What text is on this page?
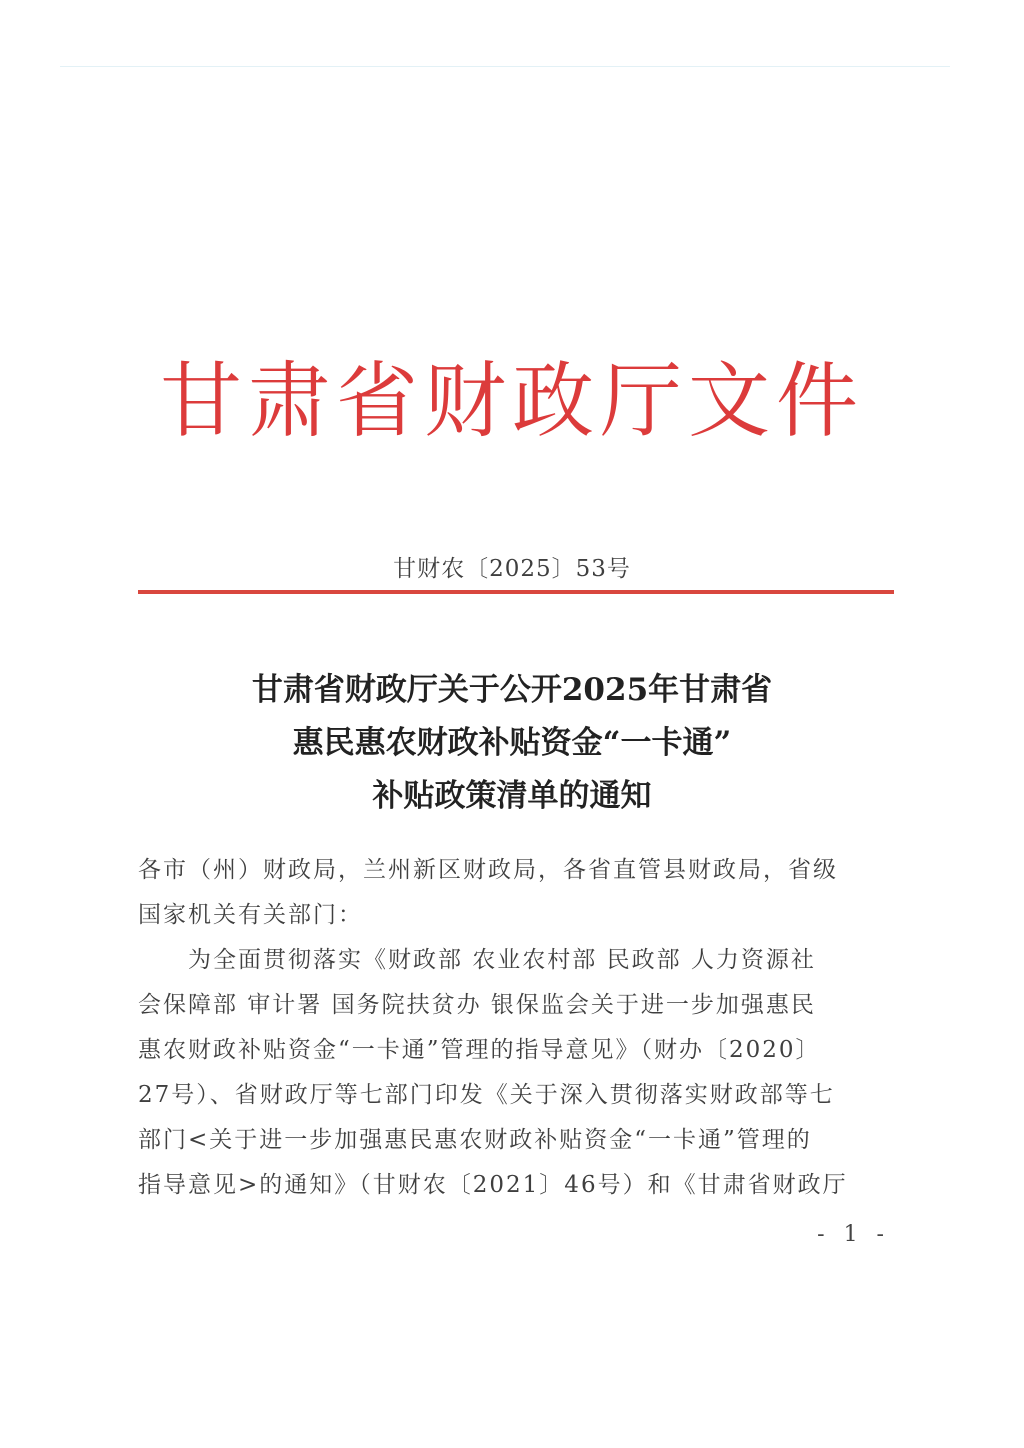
甘肃省财政厅文件
甘财农〔2025〕53号
甘肃省财政厅关于公开2025年甘肃省
惠民惠农财政补贴资金“一卡通”
补贴政策清单的通知
各市（州）财政局，兰州新区财政局，各省直管县财政局，省级
国家机关有关部门：
　　为全面贯彻落实《财政部 农业农村部 民政部 人力资源社
会保障部 审计署 国务院扶贫办 银保监会关于进一步加强惠民
惠农财政补贴资金“一卡通”管理的指导意见》（财办〔2020〕
27号）、省财政厅等七部门印发《关于深入贯彻落实财政部等七
部门<关于进一步加强惠民惠农财政补贴资金“一卡通”管理的
指导意见>的通知》（甘财农〔2021〕46号）和《甘肃省财政厅
- 1 -
